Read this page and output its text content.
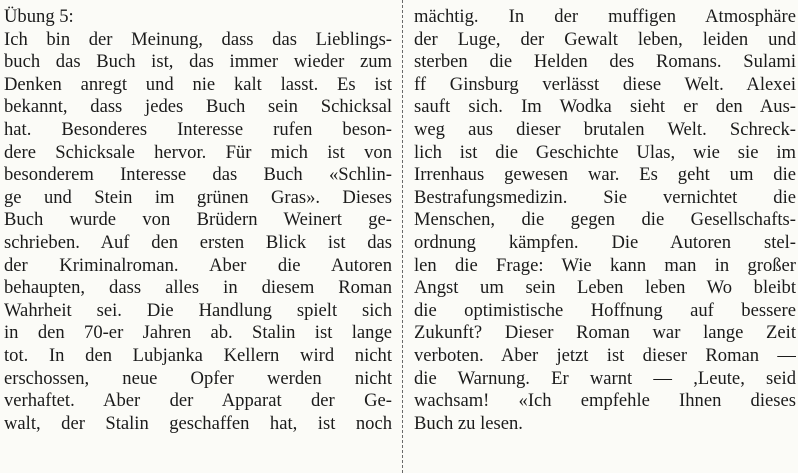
Übung 5:
Ich bin der Meinung, dass das Lieblings-
buch das Buch ist, das immer wieder zum
Denken anregt und nie kalt lasst. Es ist
bekannt, dass jedes Buch sein Schicksal
hat. Besonderes Interesse rufen beson-
dere Schicksale hervor. Für mich ist von
besonderem Interesse das Buch «Schlin-
ge und Stein im grünen Gras». Dieses
Buch wurde von Brüdern Weinert ge-
schrieben. Auf den ersten Blick ist das
der Kriminalroman. Aber die Autoren
behaupten, dass alles in diesem Roman
Wahrheit sei. Die Handlung spielt sich
in den 70-er Jahren ab. Stalin ist lange
tot. In den Lubjanka Kellern wird nicht
erschossen, neue Opfer werden nicht
verhaftet. Aber der Apparat der Ge-
walt, der Stalin geschaffen hat, ist noch
mächtig. In der muffigen Atmosphäre
der Luge, der Gewalt leben, leiden und
sterben die Helden des Romans. Sulami
ff Ginsburg verlässt diese Welt. Alexei
sauft sich. Im Wodka sieht er den Aus-
weg aus dieser brutalen Welt. Schreck-
lich ist die Geschichte Ulas, wie sie im
Irrenhaus gewesen war. Es geht um die
Bestrafungsmedizin. Sie vernichtet die
Menschen, die gegen die Gesellschafts-
ordnung kämpfen. Die Autoren stel-
len die Frage: Wie kann man in großer
Angst um sein Leben leben Wo bleibt
die optimistische Hoffnung auf bessere
Zukunft? Dieser Roman war lange Zeit
verboten. Aber jetzt ist dieser Roman —
die Warnung. Er warnt — ,Leute, seid
wachsam! «Ich empfehle Ihnen dieses
Buch zu lesen.
